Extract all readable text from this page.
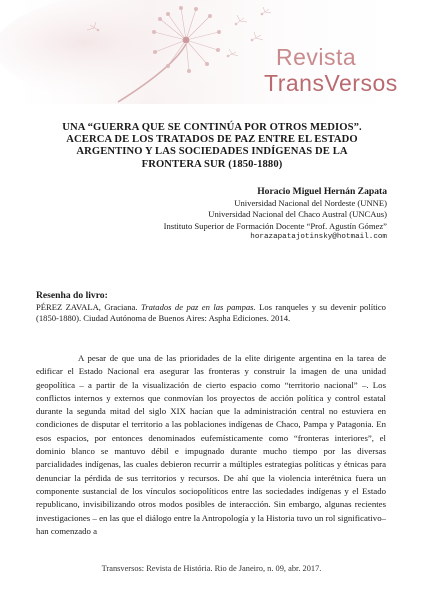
Revista
TransVersos
UNA “GUERRA QUE SE CONTINÚA POR OTROS MEDIOS”. ACERCA DE LOS TRATADOS DE PAZ ENTRE EL ESTADO ARGENTINO Y LAS SOCIEDADES INDÍGENAS DE LA FRONTERA SUR (1850-1880)
Horacio Miguel Hernán Zapata
Universidad Nacional del Nordeste (UNNE)
Universidad Nacional del Chaco Austral (UNCAus)
Instituto Superior de Formación Docente “Prof. Agustín Gómez”
horazapatajotinsky@hotmail.com
Resenha do livro:

PÉREZ ZAVALA, Graciana. Tratados de paz en las pampas. Los ranqueles y su devenir político (1850-1880). Ciudad Autónoma de Buenos Aires: Aspha Ediciones. 2014.

A pesar de que una de las prioridades de la elite dirigente argentina en la tarea de edificar el Estado Nacional era asegurar las fronteras y construir la imagen de una unidad geopolítica – a partir de la visualización de cierto espacio como “territorio nacional” –. Los conflictos internos y externos que conmovían los proyectos de acción política y control estatal durante la segunda mitad del siglo XIX hacían que la administración central no estuviera en condiciones de disputar el territorio a las poblaciones indígenas de Chaco, Pampa y Patagonia. En esos espacios, por entonces denominados eufemísticamente como “fronteras interiores”, el dominio blanco se mantuvo débil e impugnado durante mucho tiempo por las diversas parcialidades indígenas, las cuales debieron recurrir a múltiples estrategias políticas y étnicas para denunciar la pérdida de sus territorios y recursos. De ahí que la violencia interétnica fuera un componente sustancial de los vínculos sociopolíticos entre las sociedades indígenas y el Estado republicano, invisibilizando otros modos posibles de interacción. Sin embargo, algunas recientes investigaciones – en las que el diálogo entre la Antropología y la Historia tuvo un rol significativo– han comenzado a

Transversos: Revista de História. Rio de Janeiro, n. 09, abr. 2017.
